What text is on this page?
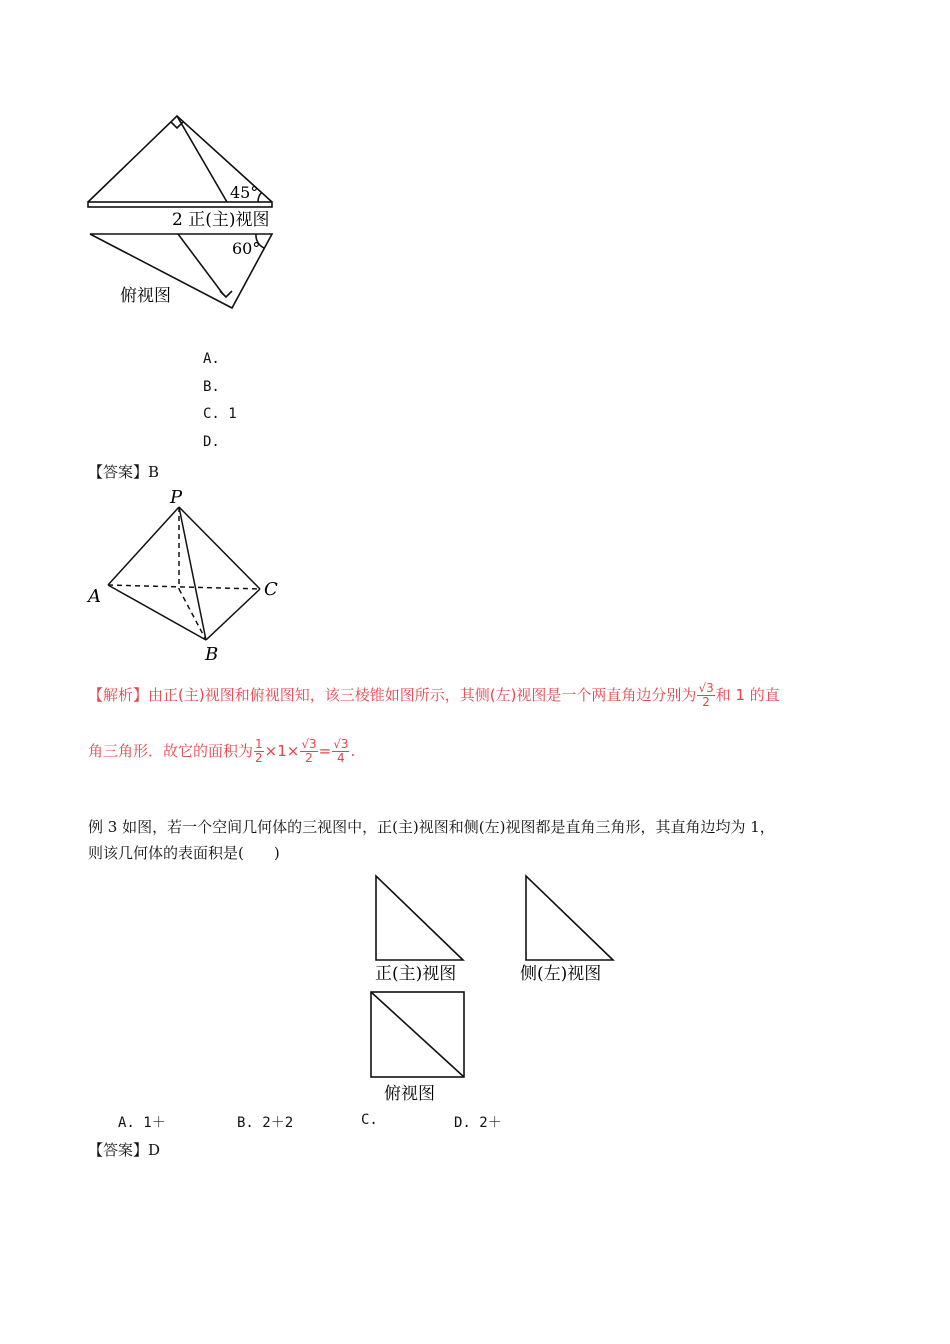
45°
2 正(主)视图
60°
俯视图
A.
B.
C. 1
D.
【答案】B
P
A	C
B
【解析】由正(主)视图和俯视图知，该三棱锥如图所示，其侧(左)视图是一个两直角边分别为 $\frac{√3}{2}$ 和 1 的直
角三角形．故它的面积为 $\frac{1}{2} \times 1\times \frac{√3}{2} = \frac{√3}{4}$ .
例 3 如图，若一个空间几何体的三视图中，正(主)视图和侧(左)视图都是直角三角形，其直角边均为 1，
则该几何体的表面积是(　　)
正(主)视图	侧(左)视图
俯视图
A. 1＋	B. 2＋2	C.	D. 2＋
【答案】D
